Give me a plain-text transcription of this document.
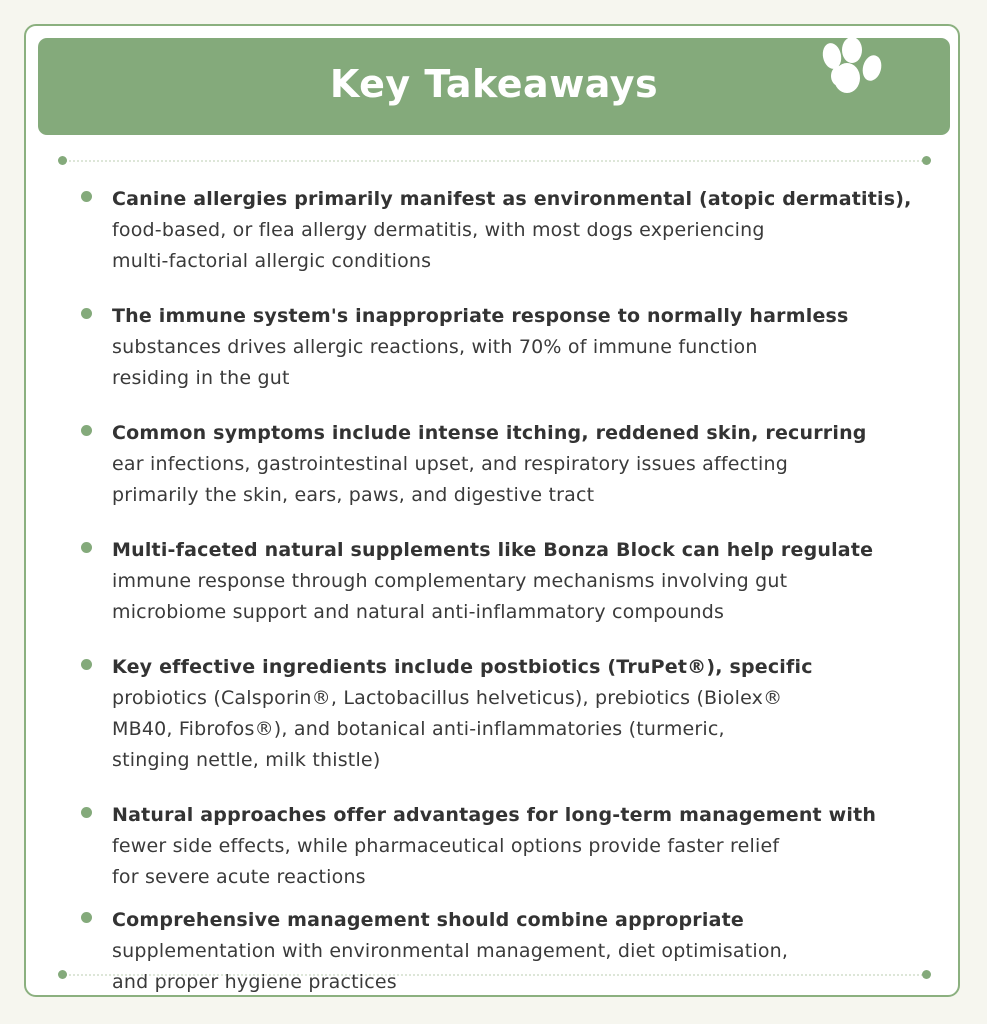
Key Takeaways
Canine allergies primarily manifest as environmental (atopic dermatitis),
food-based, or flea allergy dermatitis, with most dogs experiencing
multi-factorial allergic conditions
The immune system's inappropriate response to normally harmless
substances drives allergic reactions, with 70% of immune function
residing in the gut
Common symptoms include intense itching, reddened skin, recurring
ear infections, gastrointestinal upset, and respiratory issues affecting
primarily the skin, ears, paws, and digestive tract
Multi-faceted natural supplements like Bonza Block can help regulate
immune response through complementary mechanisms involving gut
microbiome support and natural anti-inflammatory compounds
Key effective ingredients include postbiotics (TruPet®), specific
probiotics (Calsporin®, Lactobacillus helveticus), prebiotics (Biolex®
MB40, Fibrofos®), and botanical anti-inflammatories (turmeric,
stinging nettle, milk thistle)
Natural approaches offer advantages for long-term management with
fewer side effects, while pharmaceutical options provide faster relief
for severe acute reactions
Comprehensive management should combine appropriate
supplementation with environmental management, diet optimisation,
and proper hygiene practices
